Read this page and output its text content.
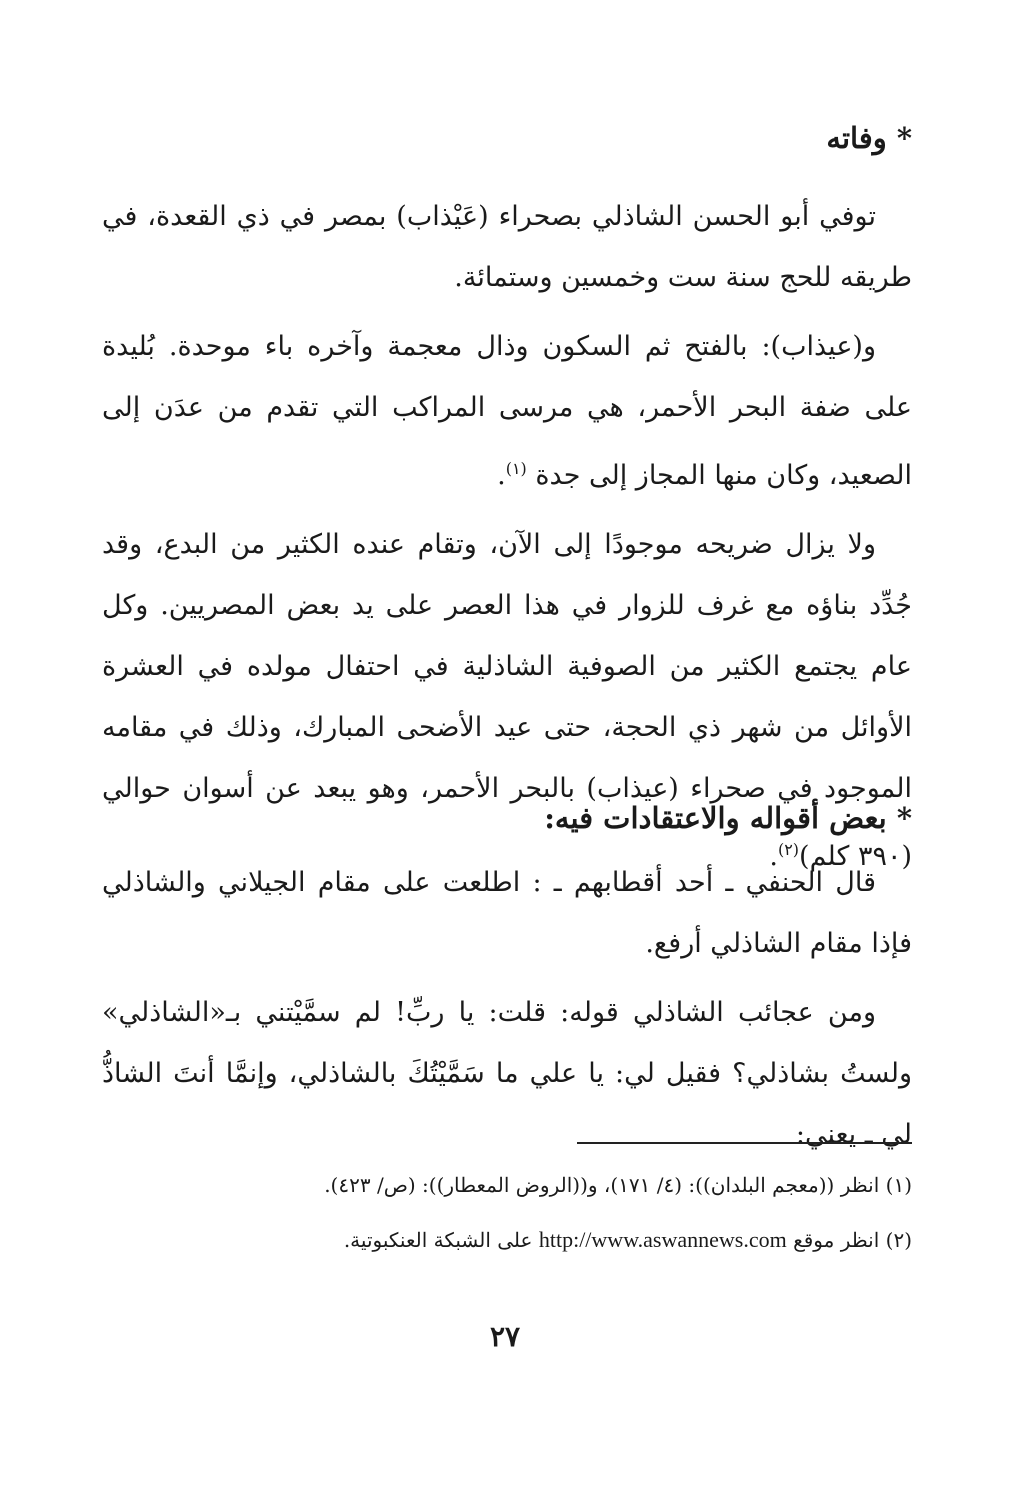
* وفاته

توفي أبو الحسن الشاذلي بصحراء (عَيْذاب) بمصر في ذي القعدة، في طريقه للحج سنة ست وخمسين وستمائة.

و(عيذاب): بالفتح ثم السكون وذال معجمة وآخره باء موحدة. بُليدة على ضفة البحر الأحمر، هي مرسى المراكب التي تقدم من عدَن إلى الصعيد، وكان منها المجاز إلى جدة $^{(١)}$.

ولا يزال ضريحه موجودًا إلى الآن، وتقام عنده الكثير من البدع، وقد جُدِّد بناؤه مع غرف للزوار في هذا العصر على يد بعض المصريين. وكل عام يجتمع الكثير من الصوفية الشاذلية في احتفال مولده في العشرة الأوائل من شهر ذي الحجة، حتى عيد الأضحى المبارك، وذلك في مقامه الموجود في صحراء (عيذاب) بالبحر الأحمر، وهو يبعد عن أسوان حوالي (٣٩٠ كلم)$^{(٢)}$.

* بعض أقواله والاعتقادات فيه:

قال الحنفي ـ أحد أقطابهم ـ : اطلعت على مقام الجيلاني والشاذلي فإذا مقام الشاذلي أرفع.

ومن عجائب الشاذلي قوله: قلت: يا ربِّ! لم سمَّيْتني بـ«الشاذلي» ولستُ بشاذلي؟ فقيل لي: يا علي ما سَمَّيْتُكَ بالشاذلي، وإنمَّا أنتَ الشاذُّ لي ـ يعني:

(١) انظر ((معجم البلدان)): (٤/ ١٧١)، و((الروض المعطار)): (ص/ ٤٢٣).
(٢) انظر موقع http://www.aswannews.com على الشبكة العنكبوتية.
٢٧
